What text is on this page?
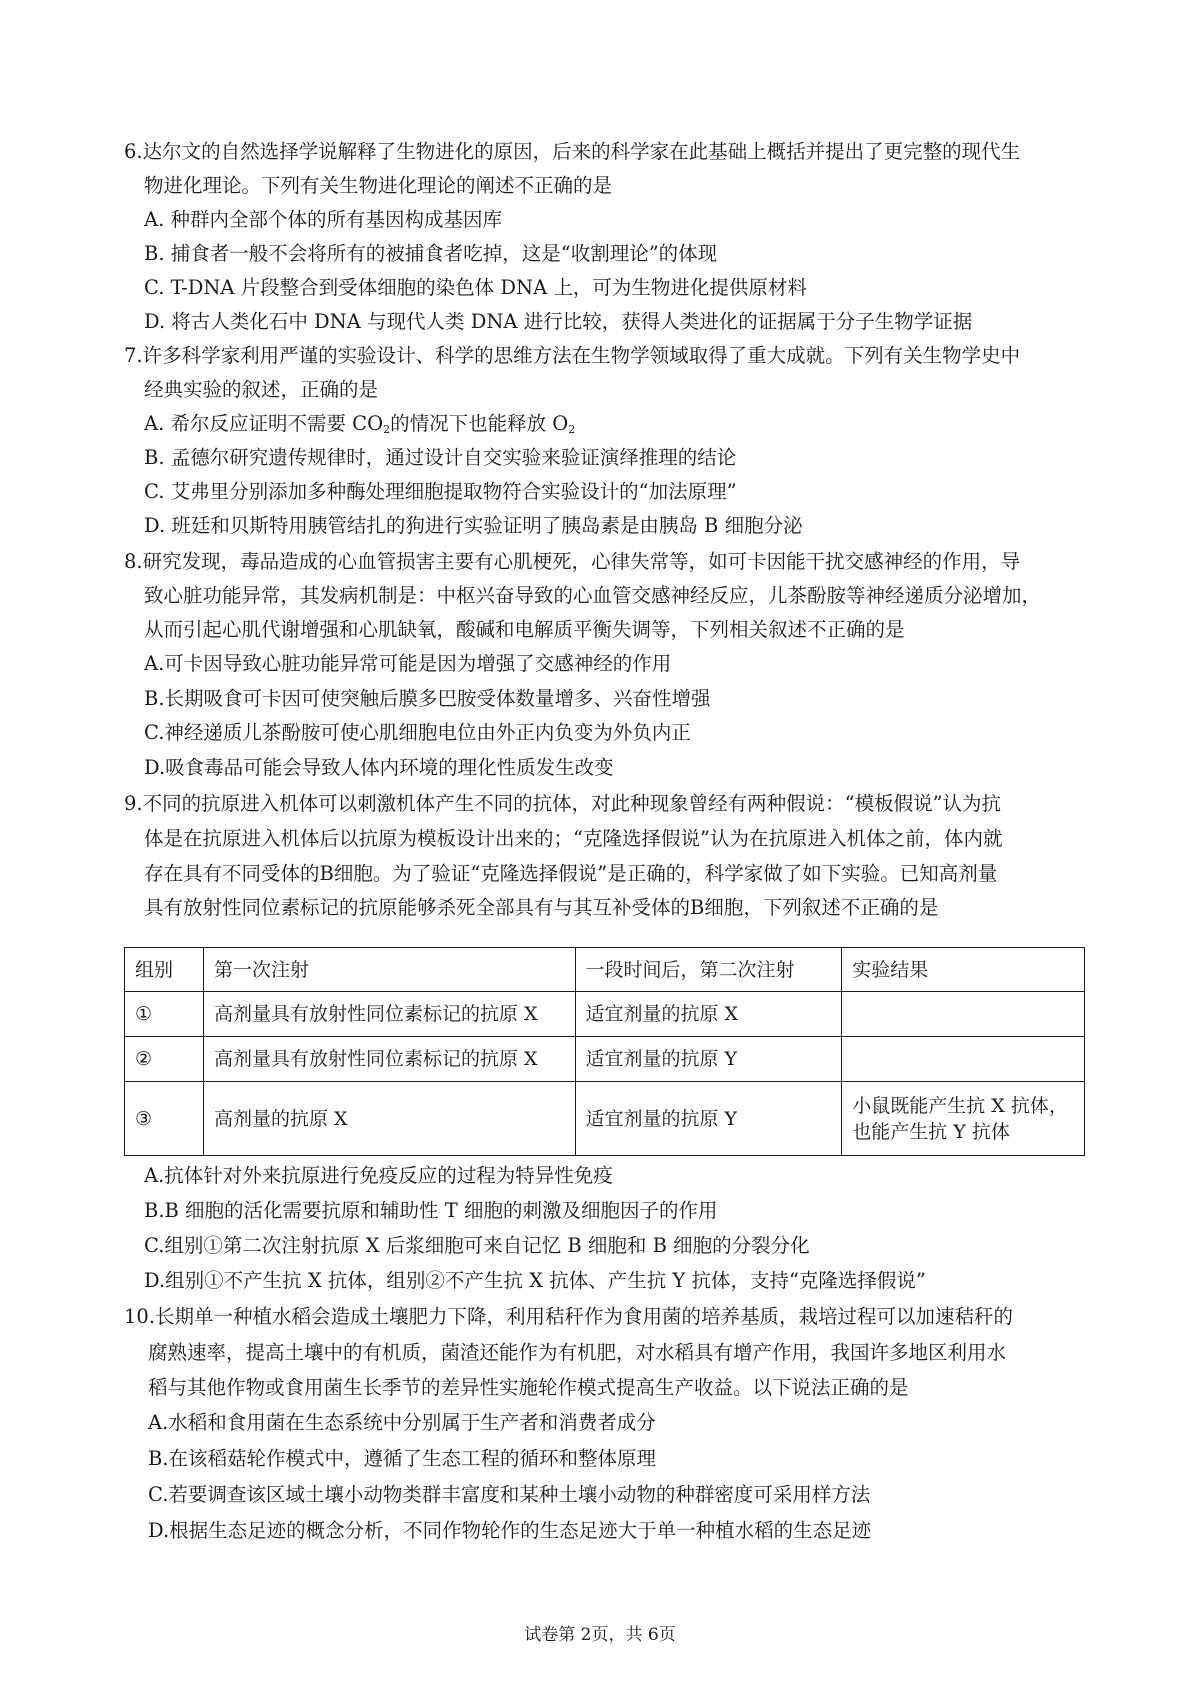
6.达尔文的自然选择学说解释了生物进化的原因，后来的科学家在此基础上概括并提出了更完整的现代生
物进化理论。下列有关生物进化理论的阐述不正确的是
A. 种群内全部个体的所有基因构成基因库
B. 捕食者一般不会将所有的被捕食者吃掉，这是“收割理论”的体现
C. T-DNA 片段整合到受体细胞的染色体 DNA 上，可为生物进化提供原材料
D. 将古人类化石中 DNA 与现代人类 DNA 进行比较，获得人类进化的证据属于分子生物学证据
7.许多科学家利用严谨的实验设计、科学的思维方法在生物学领域取得了重大成就。下列有关生物学史中
经典实验的叙述，正确的是
A. 希尔反应证明不需要 $CO_2$的情况下也能释放 $O_2$
B. 孟德尔研究遗传规律时，通过设计自交实验来验证演绎推理的结论
C. 艾弗里分别添加多种酶处理细胞提取物符合实验设计的“加法原理”
D. 班廷和贝斯特用胰管结扎的狗进行实验证明了胰岛素是由胰岛 B 细胞分泌
8.研究发现，毒品造成的心血管损害主要有心肌梗死，心律失常等，如可卡因能干扰交感神经的作用，导
致心脏功能异常，其发病机制是：中枢兴奋导致的心血管交感神经反应，儿茶酚胺等神经递质分泌增加，
从而引起心肌代谢增强和心肌缺氧，酸碱和电解质平衡失调等，下列相关叙述不正确的是
A.可卡因导致心脏功能异常可能是因为增强了交感神经的作用
B.长期吸食可卡因可使突触后膜多巴胺受体数量增多、兴奋性增强
C.神经递质儿茶酚胺可使心肌细胞电位由外正内负变为外负内正
D.吸食毒品可能会导致人体内环境的理化性质发生改变
9.不同的抗原进入机体可以刺激机体产生不同的抗体，对此种现象曾经有两种假说：“模板假说”认为抗
体是在抗原进入机体后以抗原为模板设计出来的；“克隆选择假说”认为在抗原进入机体之前，体内就
存在具有不同受体的B细胞。为了验证“克隆选择假说”是正确的，科学家做了如下实验。已知高剂量
具有放射性同位素标记的抗原能够杀死全部具有与其互补受体的B细胞，下列叙述不正确的是
组别	第一次注射	一段时间后，第二次注射	实验结果
①	高剂量具有放射性同位素标记的抗原 X	适宜剂量的抗原 X	
②	高剂量具有放射性同位素标记的抗原 X	适宜剂量的抗原 Y	
③	高剂量的抗原 X	适宜剂量的抗原 Y	小鼠既能产生抗 X 抗体，也能产生抗 Y 抗体
A.抗体针对外来抗原进行免疫反应的过程为特异性免疫
B.B 细胞的活化需要抗原和辅助性 T 细胞的刺激及细胞因子的作用
C.组别①第二次注射抗原 X 后浆细胞可来自记忆 B 细胞和 B 细胞的分裂分化
D.组别①不产生抗 X 抗体，组别②不产生抗 X 抗体、产生抗 Y 抗体，支持“克隆选择假说”
10.长期单一种植水稻会造成土壤肥力下降，利用秸秆作为食用菌的培养基质，栽培过程可以加速秸秆的
腐熟速率，提高土壤中的有机质，菌渣还能作为有机肥，对水稻具有增产作用，我国许多地区利用水
稻与其他作物或食用菌生长季节的差异性实施轮作模式提高生产收益。以下说法正确的是
A.水稻和食用菌在生态系统中分别属于生产者和消费者成分
B.在该稻菇轮作模式中，遵循了生态工程的循环和整体原理
C.若要调查该区域土壤小动物类群丰富度和某种土壤小动物的种群密度可采用样方法
D.根据生态足迹的概念分析，不同作物轮作的生态足迹大于单一种植水稻的生态足迹
试卷第 2页，共 6页
